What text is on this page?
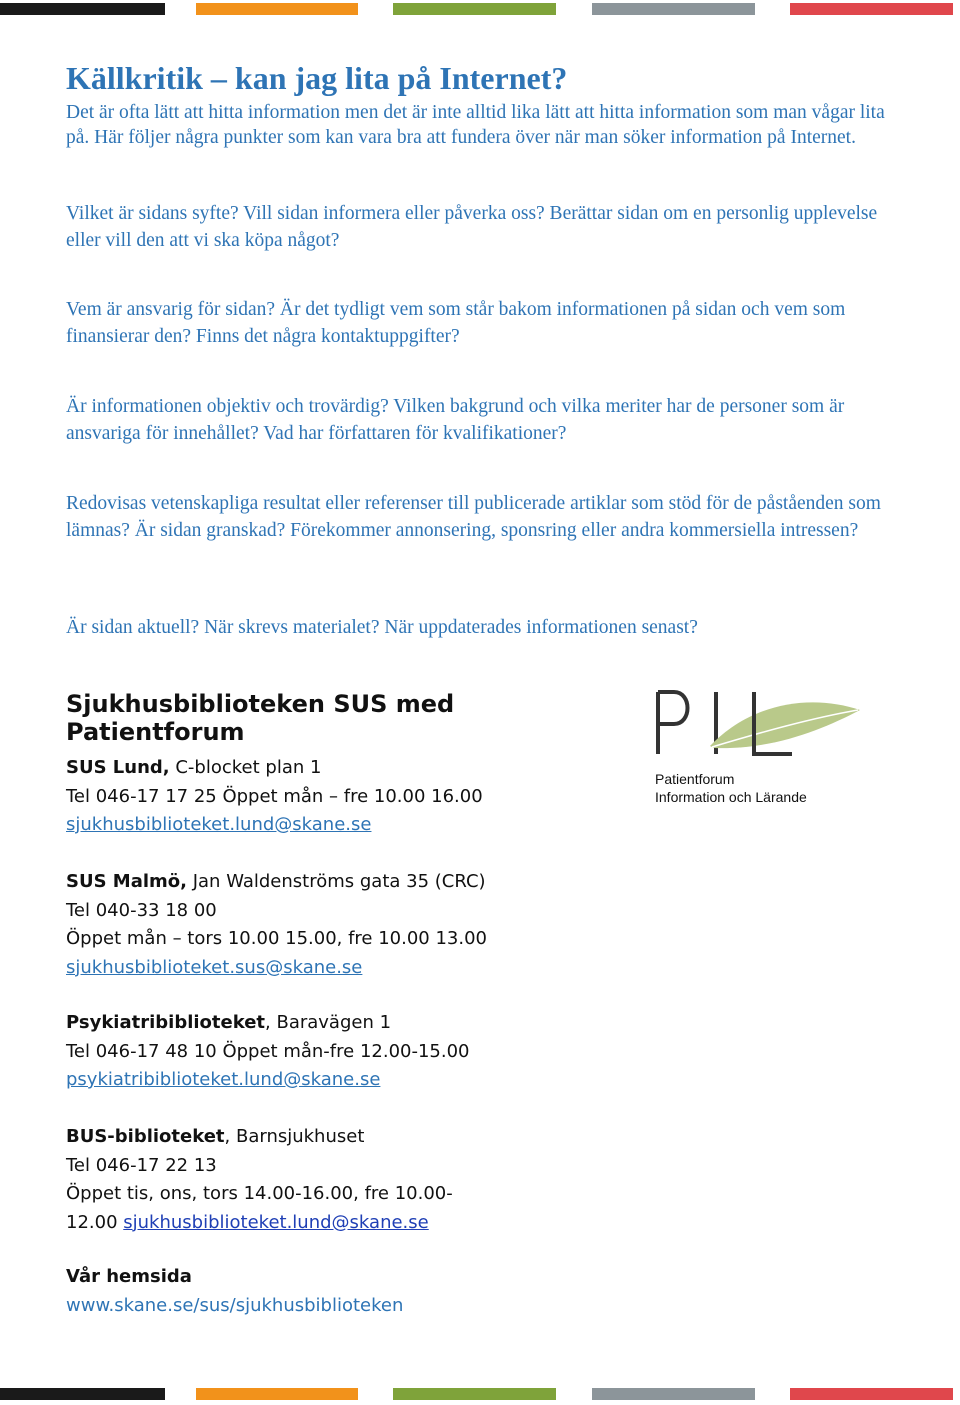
Källkritik – kan jag lita på Internet?

Det är ofta lätt att hitta information men det är inte alltid lika lätt att hitta information som man vågar lita på. Här följer några punkter som kan vara bra att fundera över när man söker information på Internet.

Vilket är sidans syfte? Vill sidan informera eller påverka oss? Berättar sidan om en personlig upplevelse eller vill den att vi ska köpa något?

Vem är ansvarig för sidan? Är det tydligt vem som står bakom informationen på sidan och vem som finansierar den? Finns det några kontaktuppgifter?

Är informationen objektiv och trovärdig? Vilken bakgrund och vilka meriter har de personer som är ansvariga för innehållet? Vad har författaren för kvalifikationer?

Redovisas vetenskapliga resultat eller referenser till publicerade artiklar som stöd för de påståenden som lämnas? Är sidan granskad? Förekommer annonsering, sponsring eller andra kommersiella intressen?

Är sidan aktuell? När skrevs materialet? När uppdaterades informationen senast?

Sjukhusbiblioteken SUS med Patientforum
SUS Lund, C-blocket plan 1
Tel 046-17 17 25 Öppet mån – fre 10.00 16.00
sjukhusbiblioteket.lund@skane.se
SUS Malmö, Jan Waldenströms gata 35 (CRC)
Tel 040-33 18 00
Öppet mån – tors 10.00 15.00, fre 10.00 13.00
sjukhusbiblioteket.sus@skane.se
Psykiatribiblioteket, Baravägen 1
Tel 046-17 48 10 Öppet mån-fre 12.00-15.00
psykiatribiblioteket.lund@skane.se
BUS-biblioteket, Barnsjukhuset
Tel 046-17 22 13
Öppet tis, ons, tors 14.00-16.00, fre 10.00-
12.00 sjukhusbiblioteket.lund@skane.se
Vår hemsida
www.skane.se/sus/sjukhusbiblioteken
Patientforum
Information och Lärande
